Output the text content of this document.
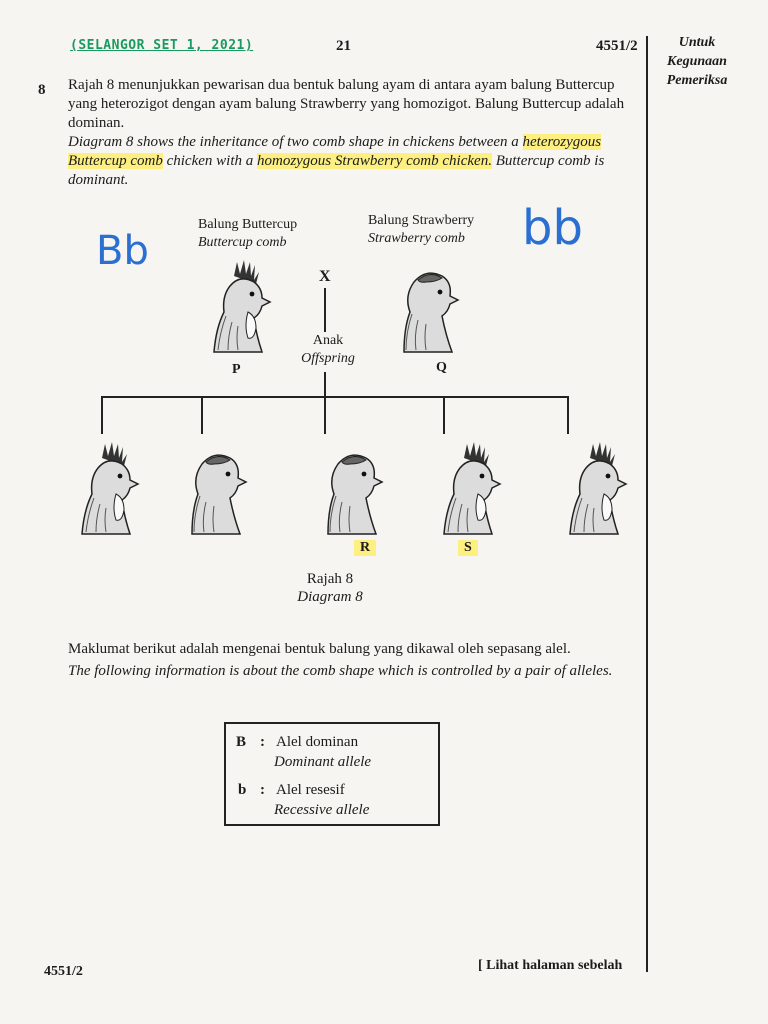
(SELANGOR SET 1, 2021)	21	4551/2	Untuk
Kegunaan
Pemeriksa
8 Rajah 8 menunjukkan pewarisan dua bentuk balung ayam di antara ayam balung Buttercup yang heterozigot dengan ayam balung Strawberry yang homozigot. Balung Buttercup adalah dominan.
Diagram 8 shows the inheritance of two comb shape in chickens between a heterozygous Buttercup comb chicken with a homozygous Strawberry comb chicken. Buttercup comb is dominant.
Balung Buttercup
Buttercup comb
Balung Strawberry
Strawberry comb
Bb	bb
X
Anak
Offspring
P	Q
R	S
Rajah 8
Diagram 8
Maklumat berikut adalah mengenai bentuk balung yang dikawal oleh sepasang alel.
The following information is about the comb shape which is controlled by a pair of alleles.
B : Alel dominan
Dominant allele
b : Alel resesif
Recessive allele
4551/2	[ Lihat halaman sebelah
